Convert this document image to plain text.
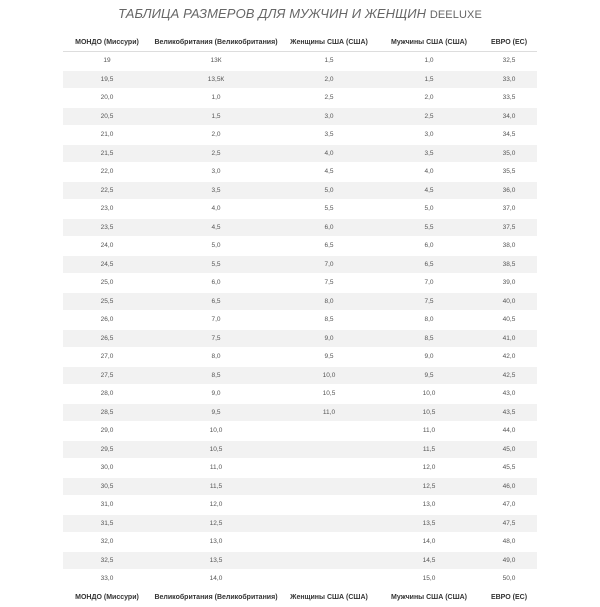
ТАБЛИЦА РАЗМЕРОВ ДЛЯ МУЖЧИН И ЖЕНЩИН DEELUXE
МОНДО (Миссури)	Великобритания (Великобритания)	Женщины США (США)	Мужчины США (США)	ЕВРО (ЕС)
19	13К	1,5	1,0	32,5
19,5	13,5К	2,0	1,5	33,0
20,0	1,0	2,5	2,0	33,5
20,5	1,5	3,0	2,5	34,0
21,0	2,0	3,5	3,0	34,5
21,5	2,5	4,0	3,5	35,0
22,0	3,0	4,5	4,0	35,5
22,5	3,5	5,0	4,5	36,0
23,0	4,0	5,5	5,0	37,0
23,5	4,5	6,0	5,5	37,5
24,0	5,0	6,5	6,0	38,0
24,5	5,5	7,0	6,5	38,5
25,0	6,0	7,5	7,0	39,0
25,5	6,5	8,0	7,5	40,0
26,0	7,0	8,5	8,0	40,5
26,5	7,5	9,0	8,5	41,0
27,0	8,0	9,5	9,0	42,0
27,5	8,5	10,0	9,5	42,5
28,0	9,0	10,5	10,0	43,0
28,5	9,5	11,0	10,5	43,5
29,0	10,0		11,0	44,0
29,5	10,5		11,5	45,0
30,0	11,0		12,0	45,5
30,5	11,5		12,5	46,0
31,0	12,0		13,0	47,0
31,5	12,5		13,5	47,5
32,0	13,0		14,0	48,0
32,5	13,5		14,5	49,0
33,0	14,0		15,0	50,0
МОНДО (Миссури)	Великобритания (Великобритания)	Женщины США (США)	Мужчины США (США)	ЕВРО (ЕС)
